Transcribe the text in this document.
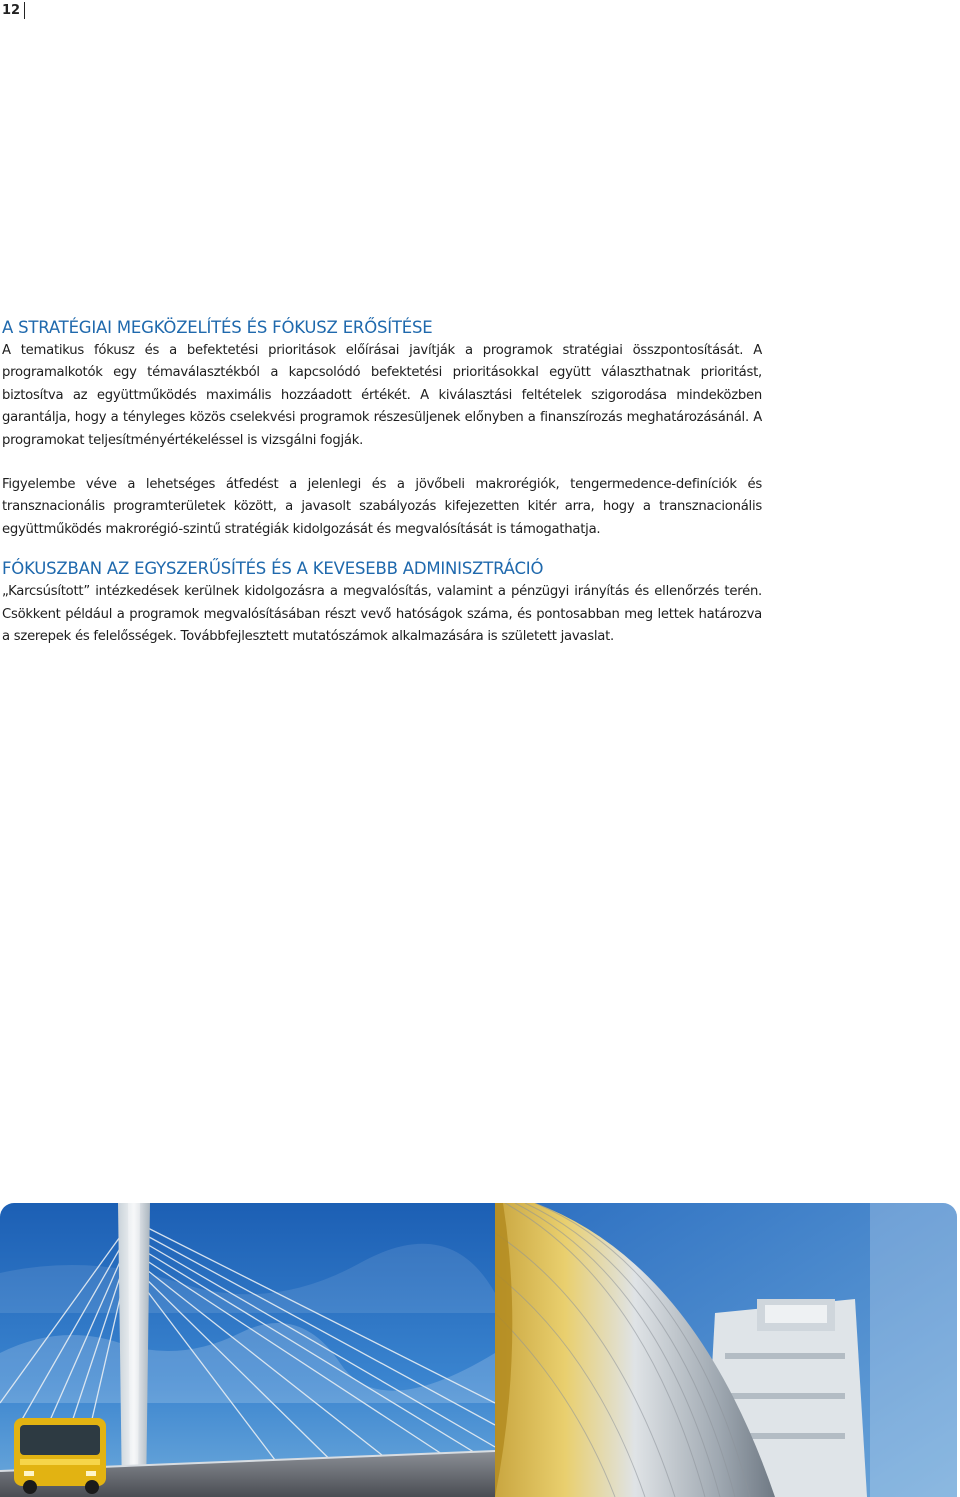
12
A STRATÉGIAI MEGKÖZELÍTÉS ÉS FÓKUSZ ERŐSÍTÉSE

A tematikus fókusz és a befektetési prioritások előírásai javítják a programok stratégiai összpontosítását. A programalkotók egy témaválasztékból a kapcsolódó befektetési prioritásokkal együtt választhatnak prioritást, biztosítva az együttműködés maximális hozzáadott értékét. A kiválasztási feltételek szigorodása mindeközben garantálja, hogy a tényleges közös cselekvési programok részesüljenek előnyben a finanszírozás meghatározásánál. A programokat teljesítményértékeléssel is vizsgálni fogják.

Figyelembe véve a lehetséges átfedést a jelenlegi és a jövőbeli makrorégiók, tengermedence-definíciók és transznacionális programterületek között, a javasolt szabályozás kifejezetten kitér arra, hogy a transznacionális együttműködés makrorégió-szintű stratégiák kidolgozását és megvalósítását is támogathatja.

FÓKUSZBAN AZ EGYSZERŰSÍTÉS ÉS A KEVESEBB ADMINISZTRÁCIÓ

„Karcsúsított” intézkedések kerülnek kidolgozásra a megvalósítás, valamint a pénzügyi irányítás és ellenőrzés terén. Csökkent például a programok megvalósításában részt vevő hatóságok száma, és pontosabban meg lettek határozva a szerepek és felelősségek. Továbbfejlesztett mutatószámok alkalmazására is született javaslat.
